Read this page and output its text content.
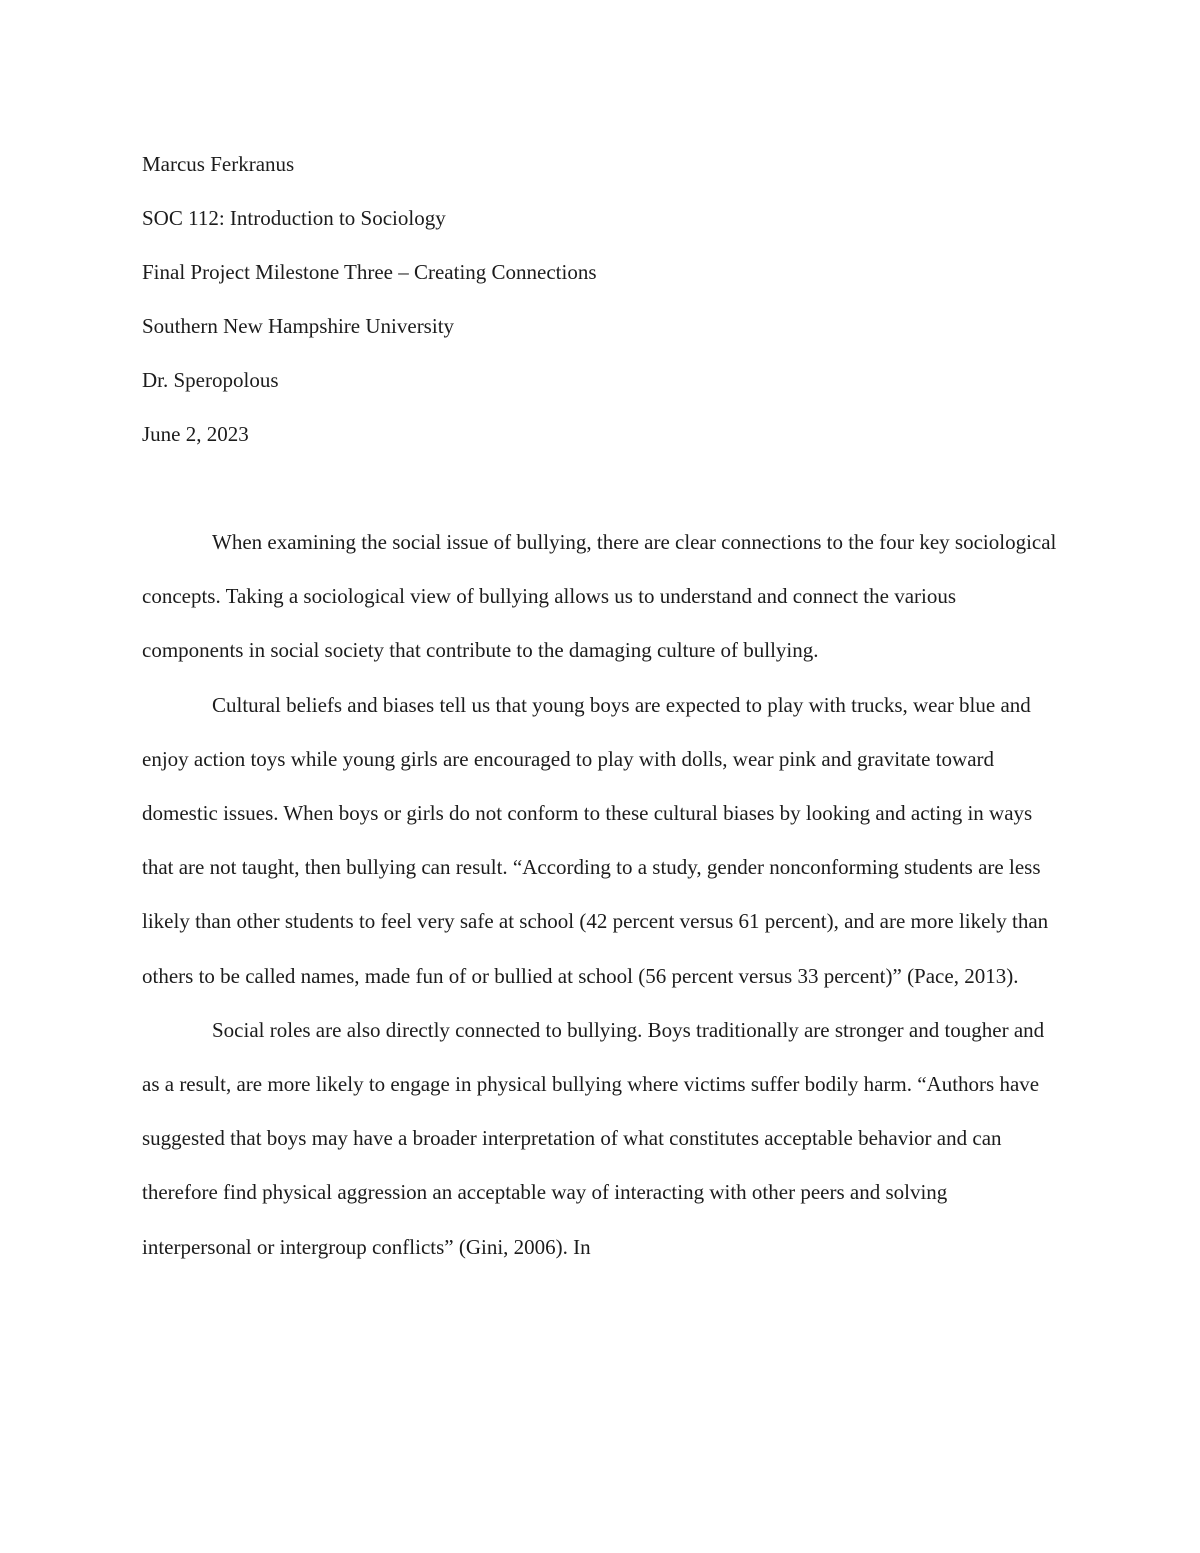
Marcus Ferkranus
SOC 112: Introduction to Sociology
Final Project Milestone Three – Creating Connections
Southern New Hampshire University
Dr. Speropolous
June 2, 2023

When examining the social issue of bullying, there are clear connections to the four key sociological concepts. Taking a sociological view of bullying allows us to understand and connect the various components in social society that contribute to the damaging culture of bullying.

Cultural beliefs and biases tell us that young boys are expected to play with trucks, wear blue and enjoy action toys while young girls are encouraged to play with dolls, wear pink and gravitate toward domestic issues. When boys or girls do not conform to these cultural biases by looking and acting in ways that are not taught, then bullying can result. “According to a study, gender nonconforming students are less likely than other students to feel very safe at school (42 percent versus 61 percent), and are more likely than others to be called names, made fun of or bullied at school (56 percent versus 33 percent)” (Pace, 2013).

Social roles are also directly connected to bullying. Boys traditionally are stronger and tougher and as a result, are more likely to engage in physical bullying where victims suffer bodily harm. “Authors have suggested that boys may have a broader interpretation of what constitutes acceptable behavior and can therefore find physical aggression an acceptable way of interacting with other peers and solving interpersonal or intergroup conflicts” (Gini, 2006). In
